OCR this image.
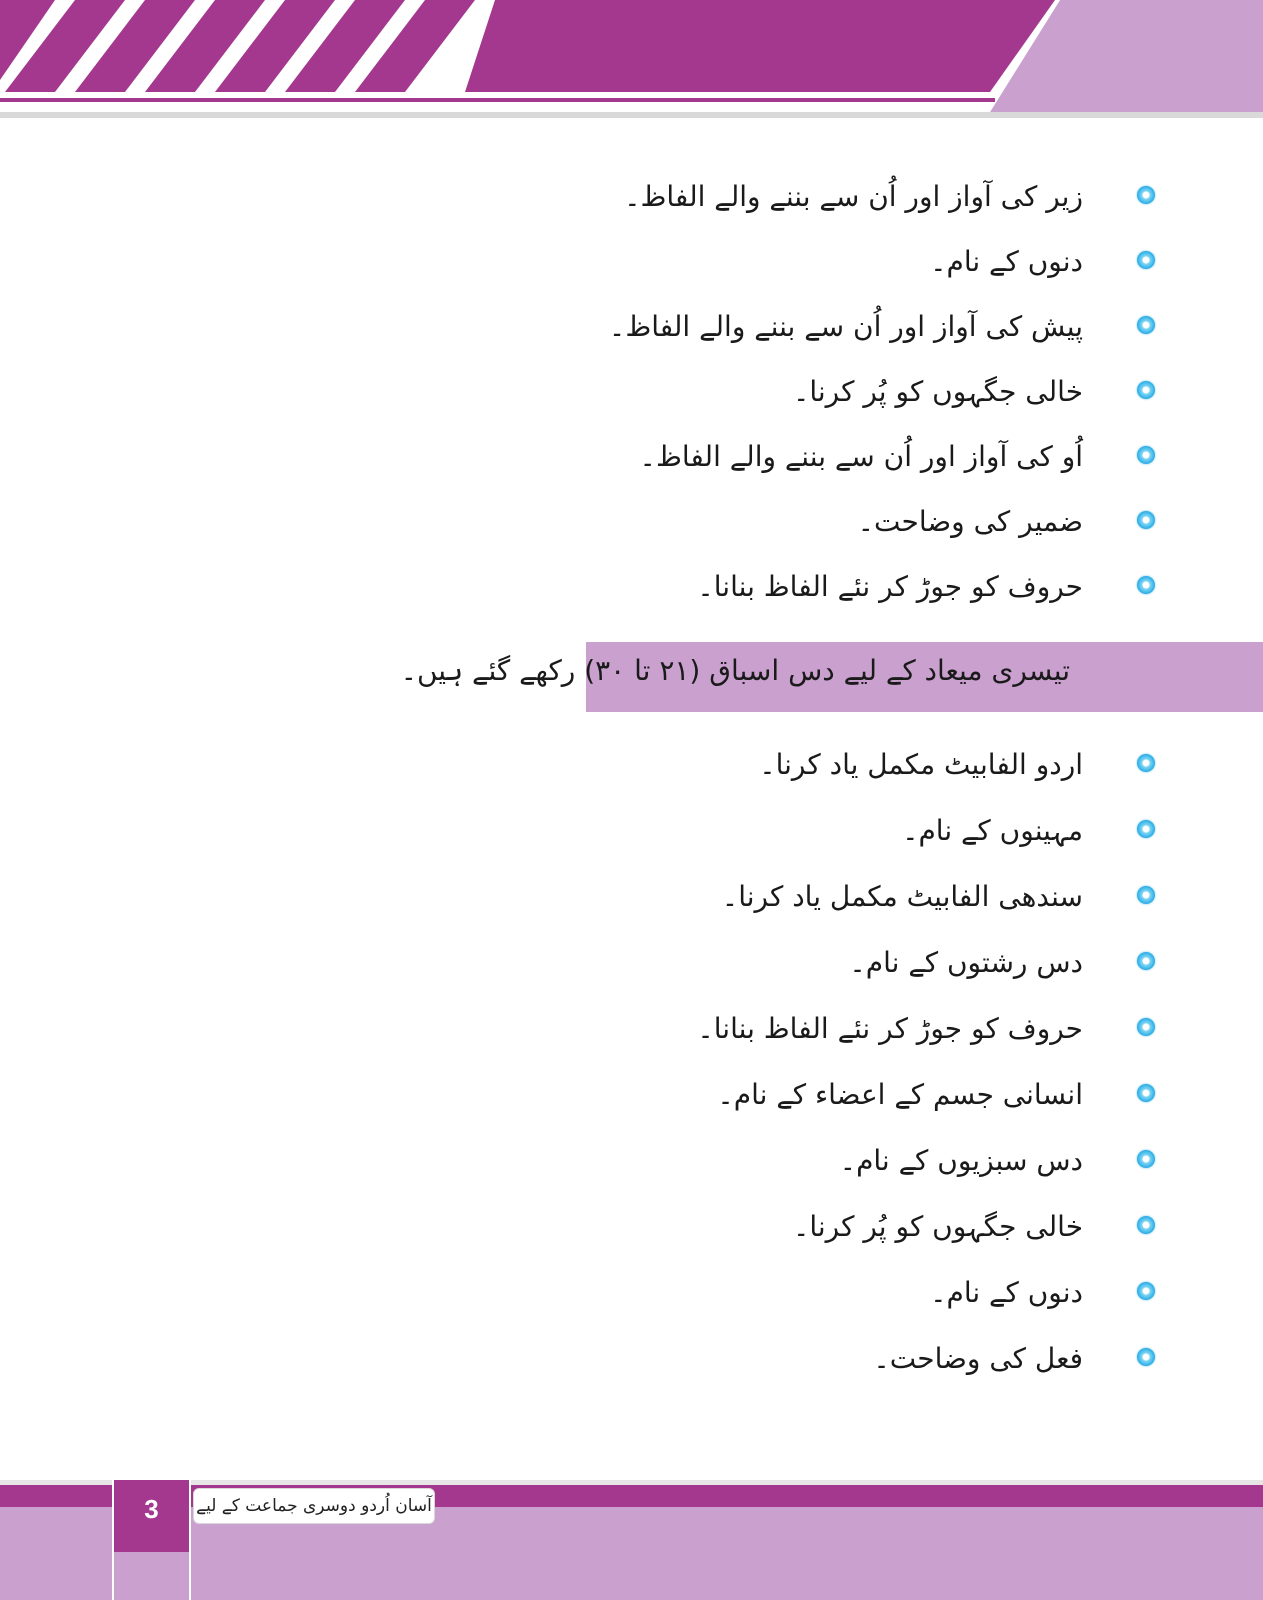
زیر کی آواز اور اُن سے بننے والے الفاظ۔
دنوں کے نام۔
پیش کی آواز اور اُن سے بننے والے الفاظ۔
خالی جگہوں کو پُر کرنا۔
اُو کی آواز اور اُن سے بننے والے الفاظ۔
ضمیر کی وضاحت۔
حروف کو جوڑ کر نئے الفاظ بنانا۔
تیسری میعاد کے لیے دس اسباق (۲۱ تا ۳۰) رکھے گئے ہیں۔
اردو الفابیٹ مکمل یاد کرنا۔
مہینوں کے نام۔
سندھی الفابیٹ مکمل یاد کرنا۔
دس رشتوں کے نام۔
حروف کو جوڑ کر نئے الفاظ بنانا۔
انسانی جسم کے اعضاء کے نام۔
دس سبزیوں کے نام۔
خالی جگہوں کو پُر کرنا۔
دنوں کے نام۔
فعل کی وضاحت۔
3	آسان اُردو دوسری جماعت کے لیے
